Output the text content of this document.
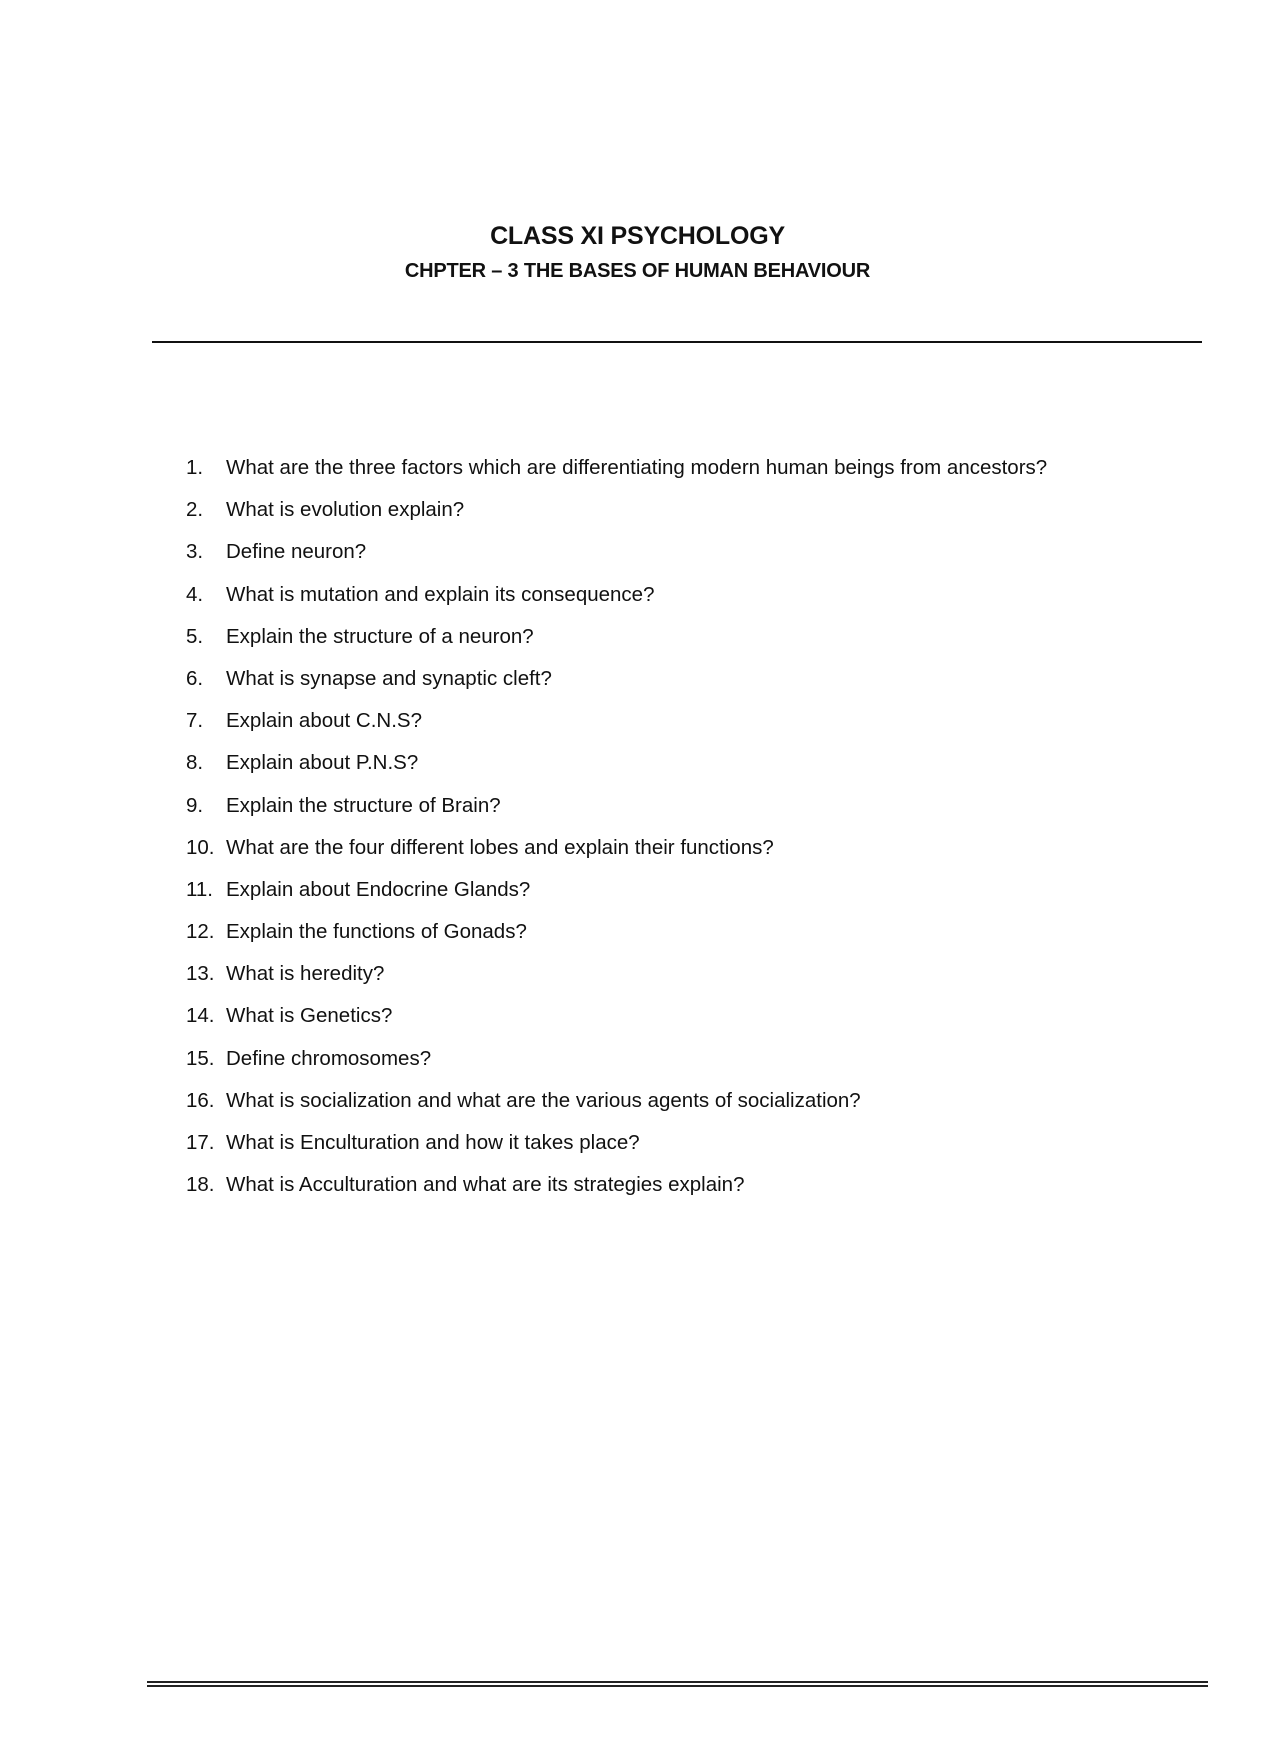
CLASS XI PSYCHOLOGY
CHPTER – 3 THE BASES OF HUMAN BEHAVIOUR
1. What are the three factors which are differentiating modern human beings from ancestors?
2. What is evolution explain?
3. Define neuron?
4. What is mutation and explain its consequence?
5. Explain the structure of a neuron?
6. What is synapse and synaptic cleft?
7. Explain about C.N.S?
8. Explain about P.N.S?
9. Explain the structure of Brain?
10. What are the four different lobes and explain their functions?
11. Explain about Endocrine Glands?
12. Explain the functions of Gonads?
13. What is heredity?
14. What is Genetics?
15. Define chromosomes?
16. What is socialization and what are the various agents of socialization?
17. What is Enculturation and how it takes place?
18. What is Acculturation and what are its strategies explain?
